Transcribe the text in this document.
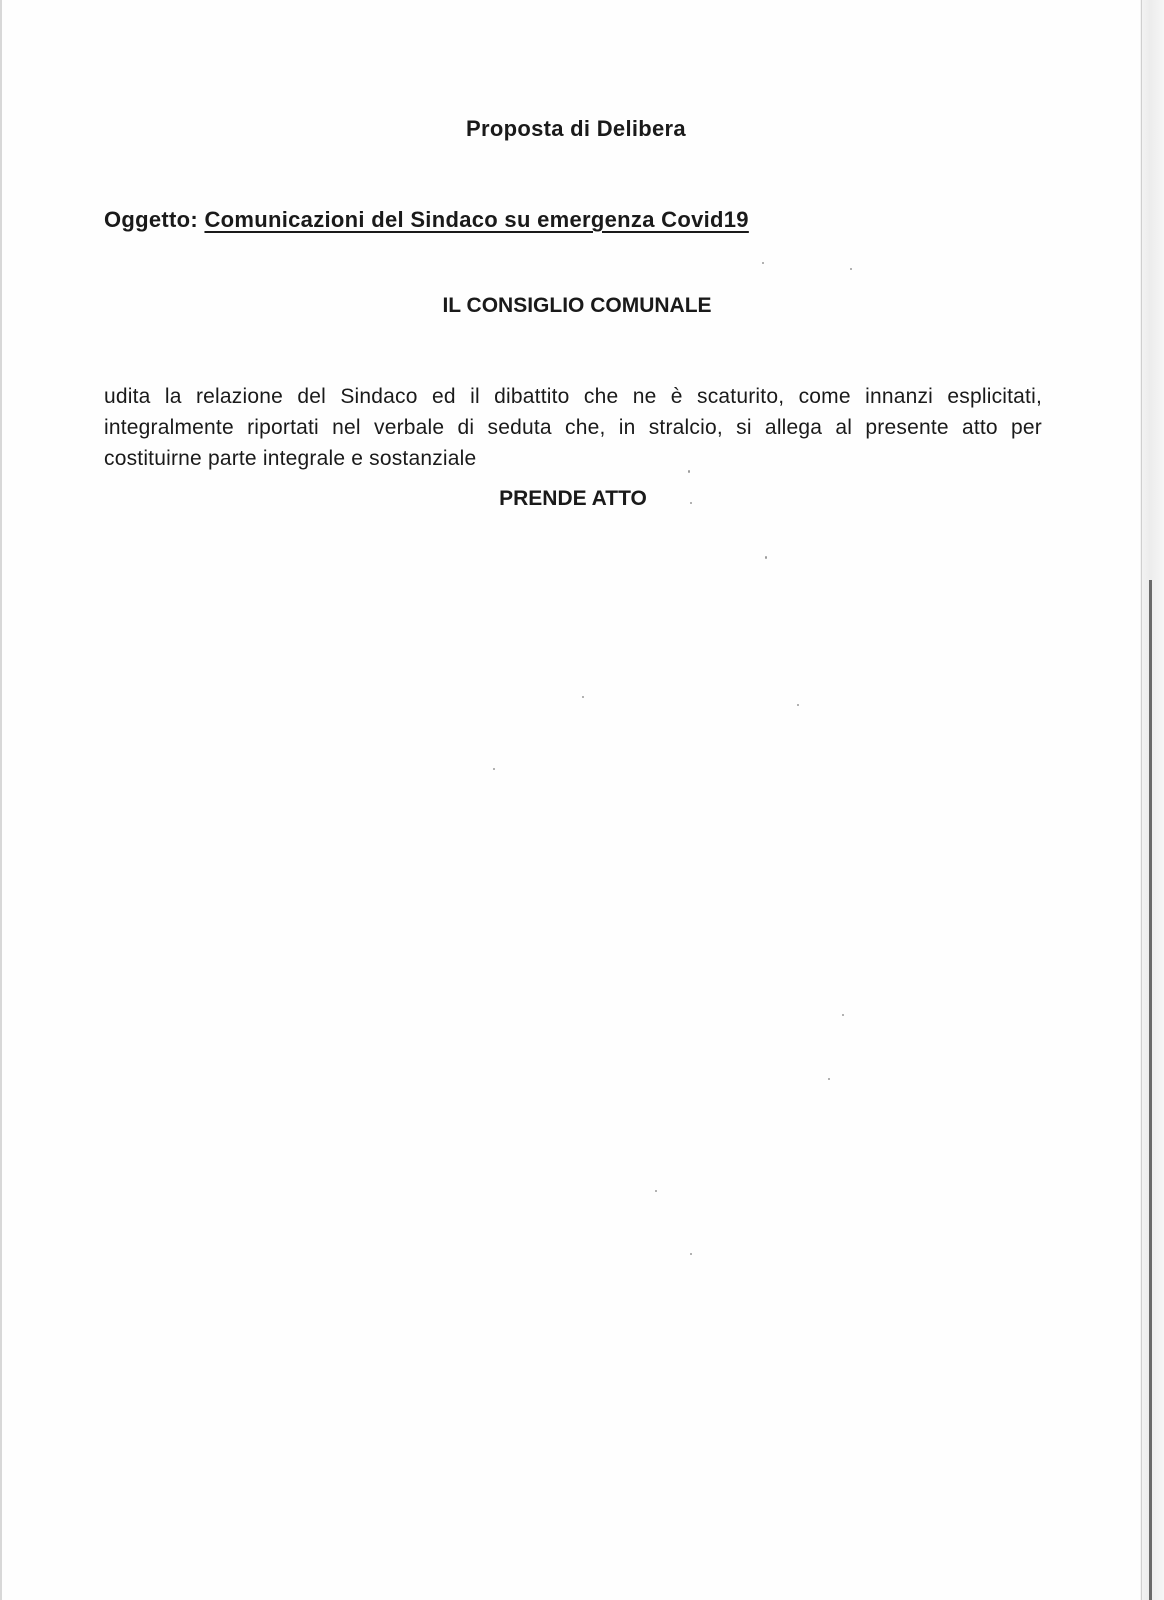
Proposta di Delibera
Oggetto: Comunicazioni del Sindaco su emergenza Covid19
IL CONSIGLIO COMUNALE
udita la relazione del Sindaco ed il dibattito che ne è scaturito, come innanzi esplicitati, integralmente riportati nel verbale di seduta che, in stralcio, si allega al presente atto per costituirne parte integrale e sostanziale
PRENDE ATTO
